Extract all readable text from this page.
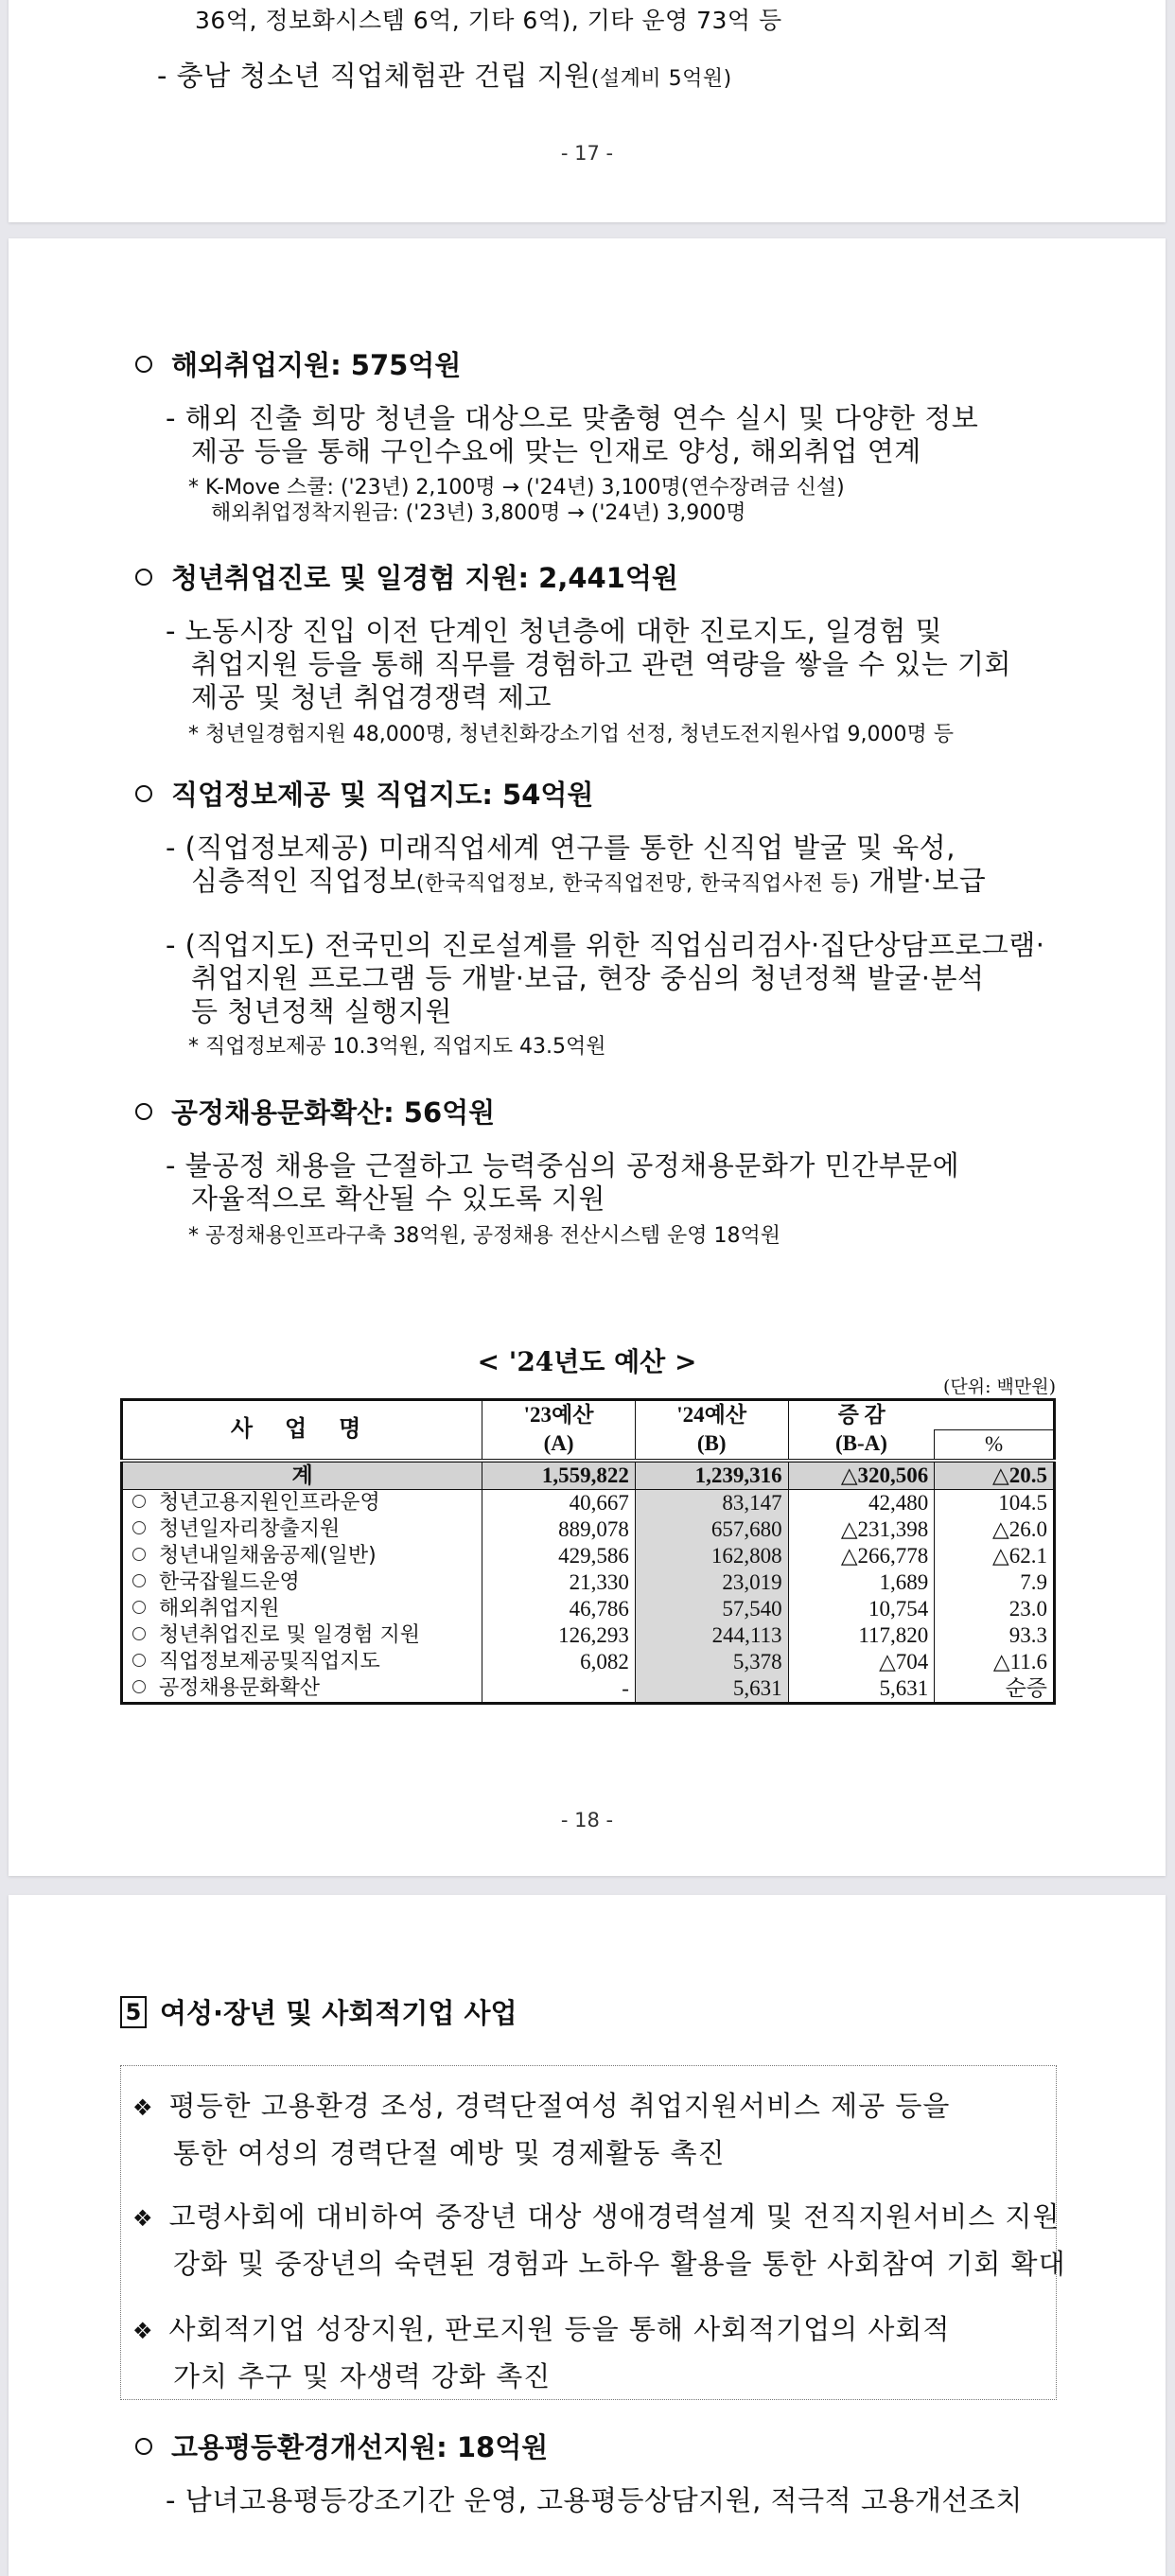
36억, 정보화시스템 6억, 기타 6억), 기타 운영 73억 등
- 충남 청소년 직업체험관 건립 지원(설계비 5억원)
- 17 -
해외취업지원: 575억원
- 해외 진출 희망 청년을 대상으로 맞춤형 연수 실시 및 다양한 정보
제공 등을 통해 구인수요에 맞는 인재로 양성, 해외취업 연계
* K-Move 스쿨: ('23년) 2,100명 → ('24년) 3,100명(연수장려금 신설)
해외취업정착지원금: ('23년) 3,800명 → ('24년) 3,900명
청년취업진로 및 일경험 지원: 2,441억원
- 노동시장 진입 이전 단계인 청년층에 대한 진로지도, 일경험 및
취업지원 등을 통해 직무를 경험하고 관련 역량을 쌓을 수 있는 기회
제공 및 청년 취업경쟁력 제고
* 청년일경험지원 48,000명, 청년친화강소기업 선정, 청년도전지원사업 9,000명 등
직업정보제공 및 직업지도: 54억원
- (직업정보제공) 미래직업세계 연구를 통한 신직업 발굴 및 육성,
심층적인 직업정보(한국직업정보, 한국직업전망, 한국직업사전 등) 개발·보급
- (직업지도) 전국민의 진로설계를 위한 직업심리검사·집단상담프로그램·
취업지원 프로그램 등 개발·보급, 현장 중심의 청년정책 발굴·분석
등 청년정책 실행지원
* 직업정보제공 10.3억원, 직업지도 43.5억원
공정채용문화확산: 56억원
- 불공정 채용을 근절하고 능력중심의 공정채용문화가 민간부문에
자율적으로 확산될 수 있도록 지원
* 공정채용인프라구축 38억원, 공정채용 전산시스템 운영 18억원
< '24년도 예산 >
(단위: 백만원)
사 업 명	'23예산	'24예산	증 감	
	(A)	(B)	(B-A)	%
계	1,559,822	1,239,316	△320,506	△20.5
청년고용지원인프라운영	40,667	83,147	42,480	104.5
청년일자리창출지원	889,078	657,680	△231,398	△26.0
청년내일채움공제(일반)	429,586	162,808	△266,778	△62.1
한국잡월드운영	21,330	23,019	1,689	7.9
해외취업지원	46,786	57,540	10,754	23.0
청년취업진로 및 일경험 지원	126,293	244,113	117,820	93.3
직업정보제공및직업지도	6,082	5,378	△704	△11.6
공정채용문화확산	-	5,631	5,631	순증
- 18 -
5 여성·장년 및 사회적기업 사업
❖ 평등한 고용환경 조성, 경력단절여성 취업지원서비스 제공 등을
통한 여성의 경력단절 예방 및 경제활동 촉진
❖ 고령사회에 대비하여 중장년 대상 생애경력설계 및 전직지원서비스 지원
강화 및 중장년의 숙련된 경험과 노하우 활용을 통한 사회참여 기회 확대
❖ 사회적기업 성장지원, 판로지원 등을 통해 사회적기업의 사회적
가치 추구 및 자생력 강화 촉진
고용평등환경개선지원: 18억원
- 남녀고용평등강조기간 운영, 고용평등상담지원, 적극적 고용개선조치
